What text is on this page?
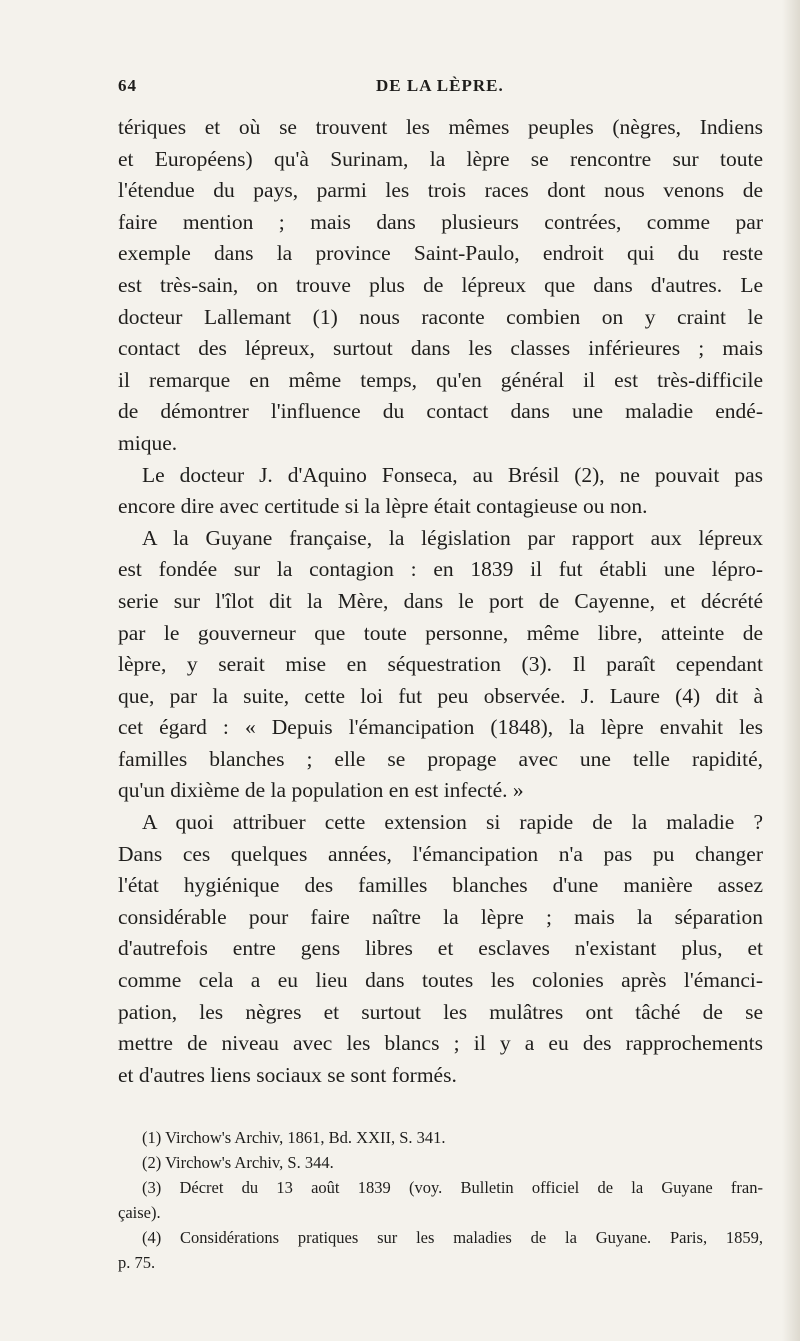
64	DE LA LÈPRE.
tériques et où se trouvent les mêmes peuples (nègres, Indiens
et Européens) qu'à Surinam, la lèpre se rencontre sur toute
l'étendue du pays, parmi les trois races dont nous venons de
faire mention ; mais dans plusieurs contrées, comme par
exemple dans la province Saint-Paulo, endroit qui du reste
est très-sain, on trouve plus de lépreux que dans d'autres. Le
docteur Lallemant (1) nous raconte combien on y craint le
contact des lépreux, surtout dans les classes inférieures ; mais
il remarque en même temps, qu'en général il est très-difficile
de démontrer l'influence du contact dans une maladie endé-
mique.
Le docteur J. d'Aquino Fonseca, au Brésil (2), ne pouvait pas
encore dire avec certitude si la lèpre était contagieuse ou non.
A la Guyane française, la législation par rapport aux lépreux
est fondée sur la contagion : en 1839 il fut établi une lépro-
serie sur l'îlot dit la Mère, dans le port de Cayenne, et décrété
par le gouverneur que toute personne, même libre, atteinte de
lèpre, y serait mise en séquestration (3). Il paraît cependant
que, par la suite, cette loi fut peu observée. J. Laure (4) dit à
cet égard : « Depuis l'émancipation (1848), la lèpre envahit les
familles blanches ; elle se propage avec une telle rapidité,
qu'un dixième de la population en est infecté. »
A quoi attribuer cette extension si rapide de la maladie ?
Dans ces quelques années, l'émancipation n'a pas pu changer
l'état hygiénique des familles blanches d'une manière assez
considérable pour faire naître la lèpre ; mais la séparation
d'autrefois entre gens libres et esclaves n'existant plus, et
comme cela a eu lieu dans toutes les colonies après l'émanci-
pation, les nègres et surtout les mulâtres ont tâché de se
mettre de niveau avec les blancs ; il y a eu des rapprochements
et d'autres liens sociaux se sont formés.
(1) Virchow's Archiv, 1861, Bd. XXII, S. 341.
(2) Virchow's Archiv, S. 344.
(3) Décret du 13 août 1839 (voy. Bulletin officiel de la Guyane fran-
çaise).
(4) Considérations pratiques sur les maladies de la Guyane. Paris, 1859,
p. 75.
